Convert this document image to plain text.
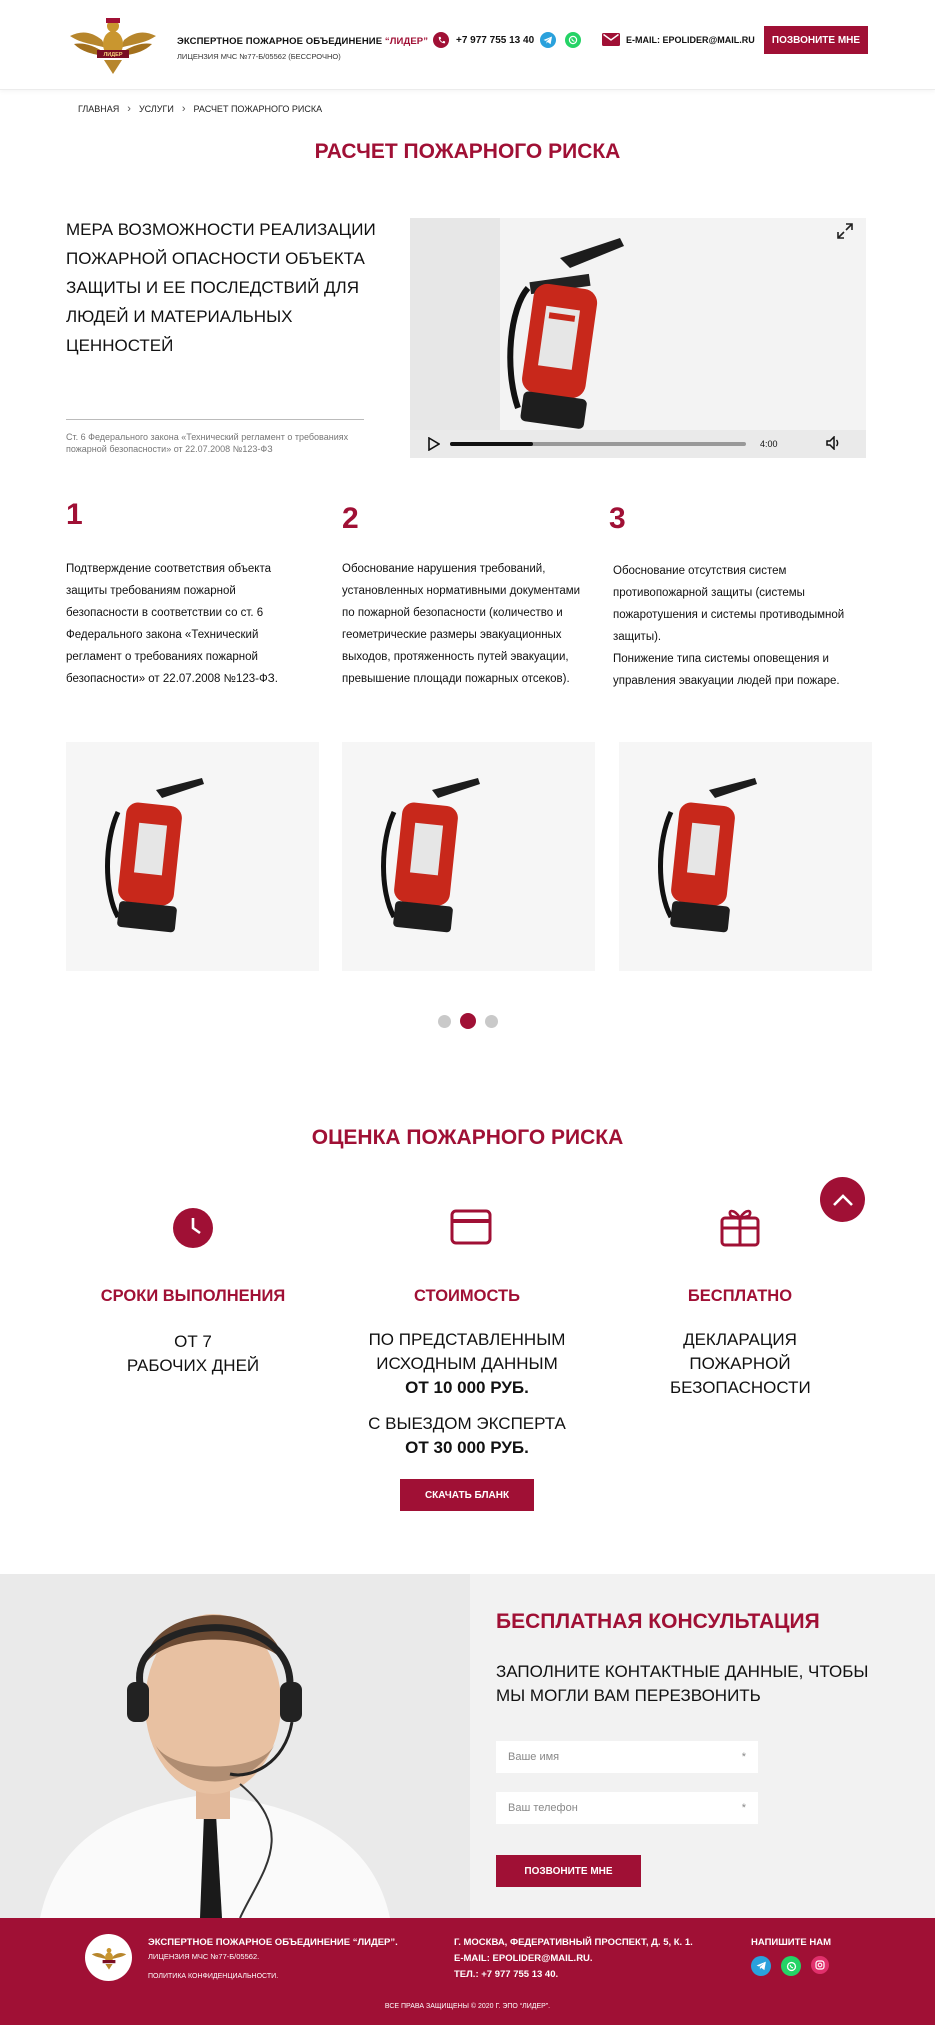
ЛИДЕР
ЭКСПЕРТНОЕ ПОЖАРНОЕ ОБЪЕДИНЕНИЕ “ЛИДЕР”
ЛИЦЕНЗИЯ МЧС №77-Б/05562 (БЕССРОЧНО)
+7 977 755 13 40	E-MAIL: EPOLIDER@MAIL.RU	ПОЗВОНИТЕ МНЕ
ГЛАВНАЯ › УСЛУГИ › РАСЧЕТ ПОЖАРНОГО РИСКА
РАСЧЕТ ПОЖАРНОГО РИСКА
МЕРА ВОЗМОЖНОСТИ РЕАЛИЗАЦИИ ПОЖАРНОЙ ОПАСНОСТИ ОБЪЕКТА ЗАЩИТЫ И ЕЕ ПОСЛЕДСТВИЙ ДЛЯ ЛЮДЕЙ И МАТЕРИАЛЬНЫХ ЦЕННОСТЕЙ
Ст. 6 Федерального закона «Технический регламент о требованиях пожарной безопасности» от 22.07.2008 №123-ФЗ	4:00
1
Подтверждение соответствия объекта защиты требованиям пожарной безопасности в соответствии со ст. 6 Федерального закона «Технический регламент о требованиях пожарной безопасности» от 22.07.2008 №123-ФЗ.
2
Обоснование нарушения требований, установленных нормативными документами по пожарной безопасности (количество и геометрические размеры эвакуационных выходов, протяженность путей эвакуации, превышение площади пожарных отсеков).
3
Обоснование отсутствия систем противопожарной защиты (системы пожаротушения и системы противодымной защиты).
Понижение типа системы оповещения и управления эвакуации людей при пожаре.
ОЦЕНКА ПОЖАРНОГО РИСКА
СРОКИ ВЫПОЛНЕНИЯ
ОТ 7
РАБОЧИХ ДНЕЙ
СТОИМОСТЬ
ПО ПРЕДСТАВЛЕННЫМ ИСХОДНЫМ ДАННЫМ
ОТ 10 000 РУБ.
С ВЫЕЗДОМ ЭКСПЕРТА
ОТ 30 000 РУБ.
БЕСПЛАТНО
ДЕКЛАРАЦИЯ ПОЖАРНОЙ БЕЗОПАСНОСТИ
СКАЧАТЬ БЛАНК
БЕСПЛАТНАЯ КОНСУЛЬТАЦИЯ
ЗАПОЛНИТЕ КОНТАКТНЫЕ ДАННЫЕ, ЧТОБЫ МЫ МОГЛИ ВАМ ПЕРЕЗВОНИТЬ
Ваше имя	*
Ваш телефон	*
ПОЗВОНИТЕ МНЕ
ЭКСПЕРТНОЕ ПОЖАРНОЕ ОБЪЕДИНЕНИЕ “ЛИДЕР”.
ЛИЦЕНЗИЯ МЧС №77-Б/05562.
ПОЛИТИКА КОНФИДЕНЦИАЛЬНОСТИ.
Г. МОСКВА, ФЕДЕРАТИВНЫЙ ПРОСПЕКТ, Д. 5, К. 1.
E-MAIL: EPOLIDER@MAIL.RU.
ТЕЛ.: +7 977 755 13 40.
НАПИШИТЕ НАМ
ВСЕ ПРАВА ЗАЩИЩЕНЫ © 2020 Г. ЭПО “ЛИДЕР”.
